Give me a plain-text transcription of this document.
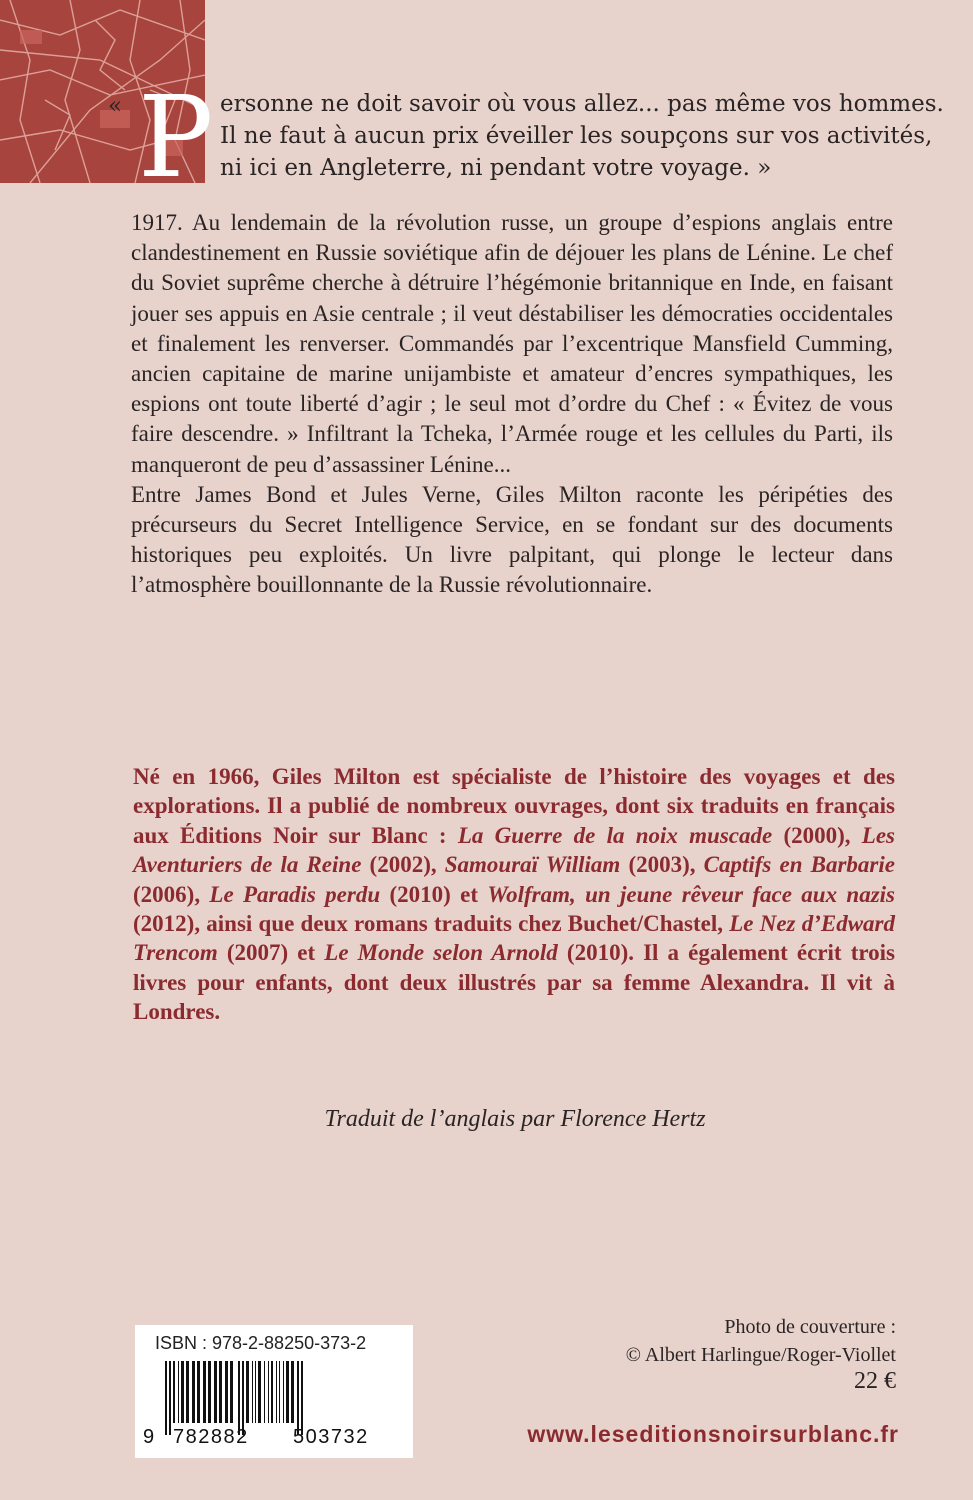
« P ersonne ne doit savoir où vous allez... pas même vos hommes.
Il ne faut à aucun prix éveiller les soupçons sur vos activités,
ni ici en Angleterre, ni pendant votre voyage. »

1917. Au lendemain de la révolution russe, un groupe d’espions anglais entre clandestinement en Russie soviétique afin de déjouer les plans de Lénine. Le chef du Soviet suprême cherche à détruire l’hégémonie britannique en Inde, en faisant jouer ses appuis en Asie centrale ; il veut déstabiliser les démocraties occidentales et finalement les renverser. Commandés par l’excentrique Mansfield Cumming, ancien capitaine de marine unijambiste et amateur d’encres sympathiques, les espions ont toute liberté d’agir ; le seul mot d’ordre du Chef : « Évitez de vous faire descendre. » Infiltrant la Tcheka, l’Armée rouge et les cellules du Parti, ils manqueront de peu d’assassiner Lénine...

Entre James Bond et Jules Verne, Giles Milton raconte les péripéties des précurseurs du Secret Intelligence Service, en se fondant sur des documents historiques peu exploités. Un livre palpitant, qui plonge le lecteur dans l’atmosphère bouillonnante de la Russie révolutionnaire.

Né en 1966, Giles Milton est spécialiste de l’histoire des voyages et des explorations. Il a publié de nombreux ouvrages, dont six traduits en français aux Éditions Noir sur Blanc : La Guerre de la noix muscade (2000), Les Aventuriers de la Reine (2002), Samouraï William (2003), Captifs en Barbarie (2006), Le Paradis perdu (2010) et Wolfram, un jeune rêveur face aux nazis (2012), ainsi que deux romans traduits chez Buchet/Chastel, Le Nez d’Edward Trencom (2007) et Le Monde selon Arnold (2010). Il a également écrit trois livres pour enfants, dont deux illustrés par sa femme Alexandra. Il vit à Londres.

Traduit de l’anglais par Florence Hertz
ISBN : 978-2-88250-373-2
9 782882 503732
Photo de couverture :
© Albert Harlingue/Roger-Viollet
22 €
www.leseditionsnoirsurblanc.fr
